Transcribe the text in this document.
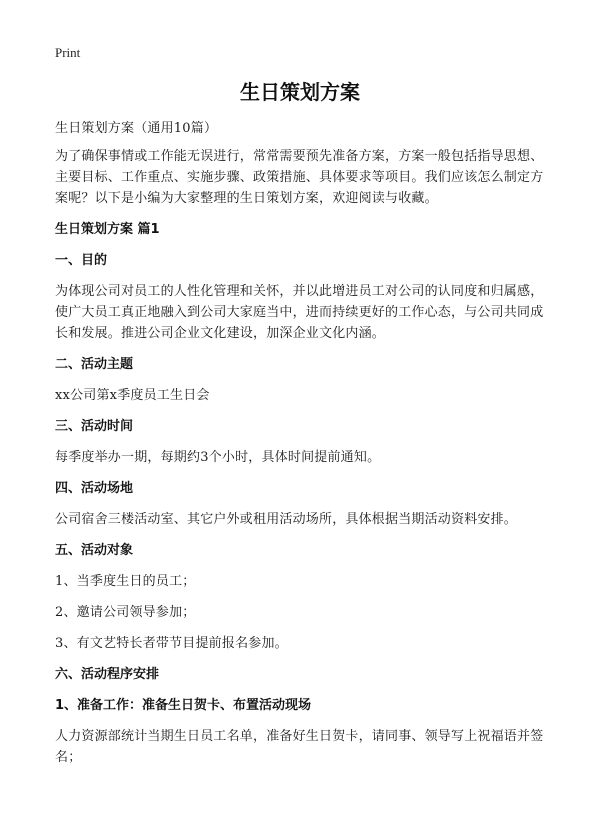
Print
生日策划方案
生日策划方案（通用10篇）
为了确保事情或工作能无误进行，常常需要预先准备方案，方案一般包括指导思想、主要目标、工作重点、实施步骤、政策措施、具体要求等项目。我们应该怎么制定方案呢？以下是小编为大家整理的生日策划方案，欢迎阅读与收藏。
生日策划方案 篇1
一、目的
为体现公司对员工的人性化管理和关怀，并以此增进员工对公司的认同度和归属感，使广大员工真正地融入到公司大家庭当中，进而持续更好的工作心态，与公司共同成长和发展。推进公司企业文化建设，加深企业文化内涵。
二、活动主题
xx公司第x季度员工生日会
三、活动时间
每季度举办一期，每期约3个小时，具体时间提前通知。
四、活动场地
公司宿舍三楼活动室、其它户外或租用活动场所，具体根据当期活动资料安排。
五、活动对象
1、当季度生日的员工；
2、邀请公司领导参加；
3、有文艺特长者带节目提前报名参加。
六、活动程序安排
1、准备工作：准备生日贺卡、布置活动现场
人力资源部统计当期生日员工名单，准备好生日贺卡，请同事、领导写上祝福语并签名；
